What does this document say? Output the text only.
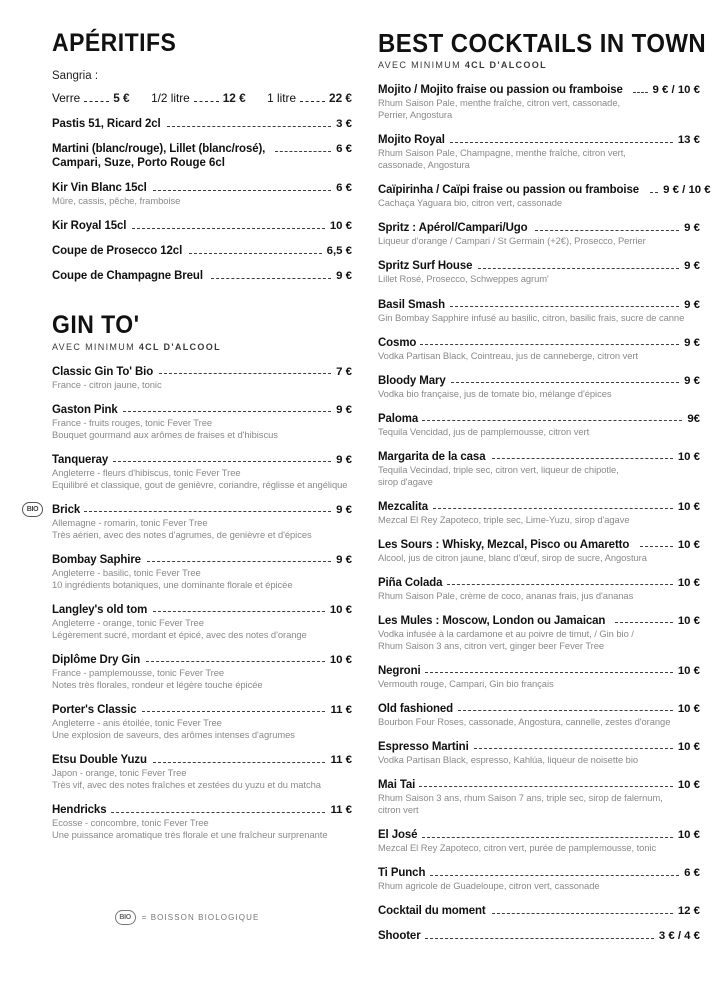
APÉRITIFS
Sangria :
Verre	5 € 1/2 litre	12 € 1 litre	22 €
Pastis 51, Ricard 2cl	3 €
Martini (blanc/rouge), Lillet (blanc/rosé),	6 €
Campari, Suze, Porto Rouge 6cl
Kir Vin Blanc 15cl	6 €
Mûre, cassis, pêche, framboise
Kir Royal 15cl	10 €
Coupe de Prosecco 12cl	6,5 €
Coupe de Champagne Breul	9 €
GIN TO'
AVEC MINIMUM 4CL D'ALCOOL
Classic Gin To' Bio	7 €
France - citron jaune, tonic
Gaston Pink	9 €
France - fruits rouges, tonic Fever Tree
Bouquet gourmand aux arômes de fraises et d'hibiscus
Tanqueray	9 €
Angleterre - fleurs d'hibiscus, tonic Fever Tree
Equilibré et classique, gout de genièvre, coriandre, réglisse et angélique
BIO	Brick	9 €
Allemagne - romarin, tonic Fever Tree
Très aérien, avec des notes d'agrumes, de genièvre et d'épices
Bombay Saphire	9 €
Angleterre - basilic, tonic Fever Tree
10 ingrédients botaniques, une dominante florale et épicée
Langley's old tom	10 €
Angleterre - orange, tonic Fever Tree
Légèrement sucré, mordant et épicé, avec des notes d'orange
Diplôme Dry Gin	10 €
France - pamplemousse, tonic Fever Tree
Notes très florales, rondeur et légère touche épicée
Porter's Classic	11 €
Angleterre - anis étoilée, tonic Fever Tree
Une explosion de saveurs, des arômes intenses d'agrumes
Etsu Double Yuzu	11 €
Japon - orange, tonic Fever Tree
Très vif, avec des notes fraîches et zestées du yuzu et du matcha
Hendricks	11 €
Ecosse - concombre, tonic Fever Tree
Une puissance aromatique très florale et une fraîcheur surprenante
BIO	= BOISSON BIOLOGIQUE
BEST COCKTAILS IN TOWN
AVEC MINIMUM 4CL D'ALCOOL
Mojito / Mojito fraise ou passion ou framboise	9 € / 10 €
Rhum Saison Pale, menthe fraîche, citron vert, cassonade,
Perrier, Angostura
Mojito Royal	13 €
Rhum Saison Pale, Champagne, menthe fraîche, citron vert,
cassonade, Angostura
Caïpirinha / Caïpi fraise ou passion ou framboise 9 € / 10 €
Cachaça Yaguara bio, citron vert, cassonade
Spritz : Apérol/Campari/Ugo	9 €
Liqueur d'orange / Campari / St Germain (+2€), Prosecco, Perrier
Spritz Surf House	9 €
Lillet Rosé, Prosecco, Schweppes agrum'
Basil Smash	9 €
Gin Bombay Sapphire infusé au basilic, citron, basilic frais, sucre de canne
Cosmo	9 €
Vodka Partisan Black, Cointreau, jus de canneberge, citron vert
Bloody Mary	9 €
Vodka bio française, jus de tomate bio, mélange d'épices
Paloma	9€
Tequila Vencidad, jus de pamplemousse, citron vert
Margarita de la casa	10 €
Tequila Vecindad, triple sec, citron vert, liqueur de chipotle,
sirop d'agave
Mezcalita	10 €
Mezcal El Rey Zapoteco, triple sec, Lime-Yuzu, sirop d'agave
Les Sours : Whisky, Mezcal, Pisco ou Amaretto	10 €
Alcool, jus de citron jaune, blanc d'œuf, sirop de sucre, Angostura
Piña Colada	10 €
Rhum Saison Pale, crème de coco, ananas frais, jus d'ananas
Les Mules : Moscow, London ou Jamaican	10 €
Vodka infusée à la cardamone et au poivre de timut, / Gin bio /
Rhum Saison 3 ans, citron vert, ginger beer Fever Tree
Negroni	10 €
Vermouth rouge, Campari, Gin bio français
Old fashioned	10 €
Bourbon Four Roses, cassonade, Angostura, cannelle, zestes d'orange
Espresso Martini	10 €
Vodka Partisan Black, espresso, Kahlúa, liqueur de noisette bio
Mai Tai	10 €
Rhum Saison 3 ans, rhum Saison 7 ans, triple sec, sirop de falernum,
citron vert
El José	10 €
Mezcal El Rey Zapoteco, citron vert, purée de pamplemousse, tonic
Ti Punch	6 €
Rhum agricole de Guadeloupe, citron vert, cassonade
Cocktail du moment	12 €
Shooter	3 € / 4 €
